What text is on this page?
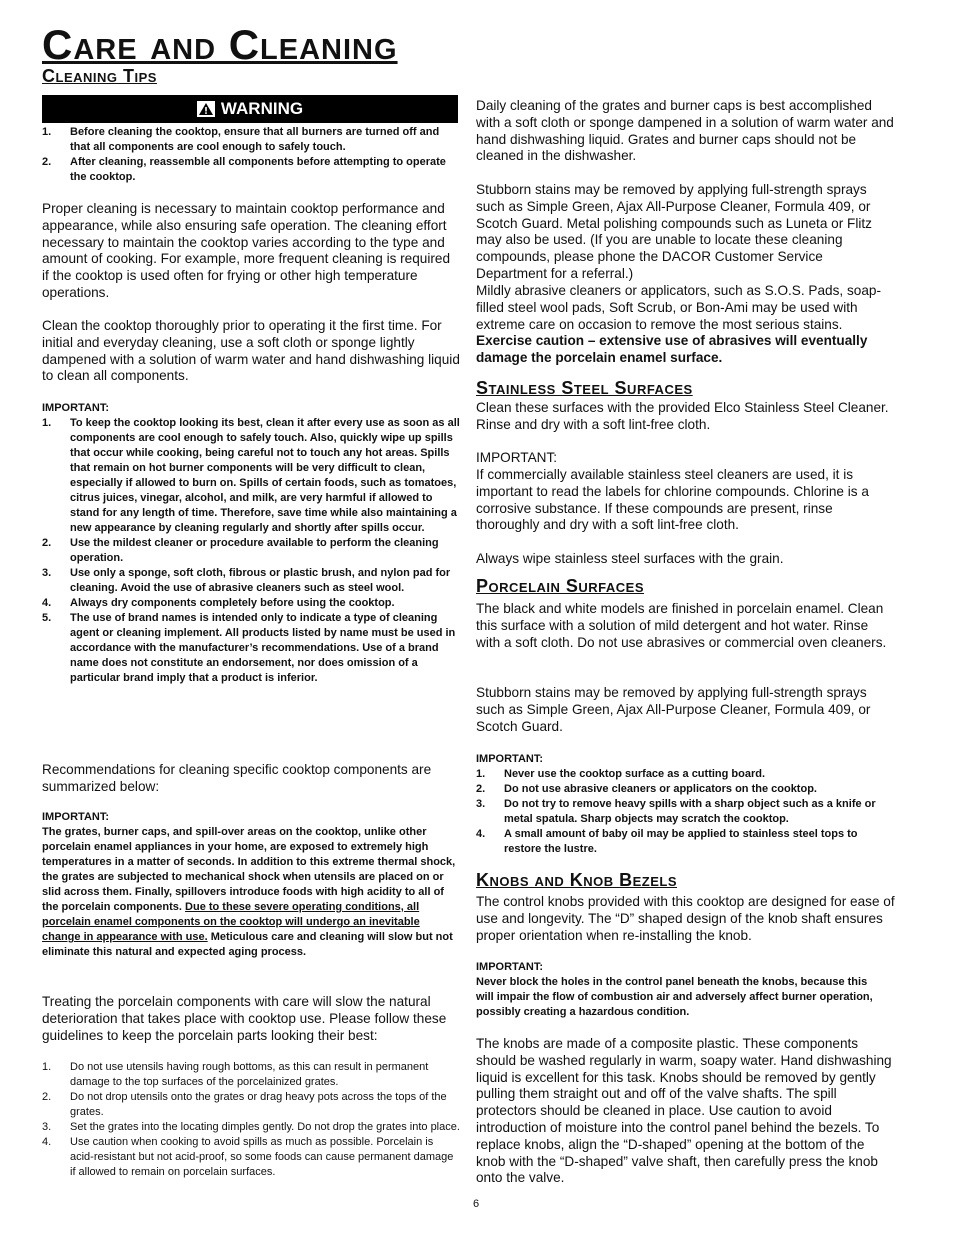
Care and Cleaning
Cleaning Tips
WARNING
1. Before cleaning the cooktop, ensure that all burners are turned off and that all components are cool enough to safely touch.
2. After cleaning, reassemble all components before attempting to operate the cooktop.

Proper cleaning is necessary to maintain cooktop performance and appearance, while also ensuring safe operation. The cleaning effort necessary to maintain the cooktop varies according to the type and amount of cooking. For example, more frequent cleaning is required if the cooktop is used often for frying or other high temperature operations.

Clean the cooktop thoroughly prior to operating it the first time. For initial and everyday cleaning, use a soft cloth or sponge lightly dampened with a solution of warm water and hand dishwashing liquid to clean all components.

IMPORTANT:
1. To keep the cooktop looking its best, clean it after every use as soon as all components are cool enough to safely touch. Also, quickly wipe up spills that occur while cooking, being careful not to touch any hot areas. Spills that remain on hot burner components will be very difficult to clean, especially if allowed to burn on. Spills of certain foods, such as tomatoes, citrus juices, vinegar, alcohol, and milk, are very harmful if allowed to stand for any length of time. Therefore, save time while also maintaining a new appearance by cleaning regularly and shortly after spills occur.
2. Use the mildest cleaner or procedure available to perform the cleaning operation.
3. Use only a sponge, soft cloth, fibrous or plastic brush, and nylon pad for cleaning. Avoid the use of abrasive cleaners such as steel wool.
4. Always dry components completely before using the cooktop.
5. The use of brand names is intended only to indicate a type of cleaning agent or cleaning implement. All products listed by name must be used in accordance with the manufacturer’s recommendations. Use of a brand name does not constitute an endorsement, nor does omission of a particular brand imply that a product is inferior.

Recommendations for cleaning specific cooktop components are summarized below:

IMPORTANT:
The grates, burner caps, and spill-over areas on the cooktop, unlike other porcelain enamel appliances in your home, are exposed to extremely high temperatures in a matter of seconds. In addition to this extreme thermal shock, the grates are subjected to mechanical shock when utensils are placed on or slid across them. Finally, spillovers introduce foods with high acidity to all of the porcelain components. Due to these severe operating conditions, all porcelain enamel components on the cooktop will undergo an inevitable change in appearance with use. Meticulous care and cleaning will slow but not eliminate this natural and expected aging process.

Treating the porcelain components with care will slow the natural deterioration that takes place with cooktop use. Please follow these guidelines to keep the porcelain parts looking their best:

1. Do not use utensils having rough bottoms, as this can result in permanent damage to the top surfaces of the porcelainized grates.
2. Do not drop utensils onto the grates or drag heavy pots across the tops of the grates.
3. Set the grates into the locating dimples gently. Do not drop the grates into place.
4. Use caution when cooking to avoid spills as much as possible. Porcelain is acid-resistant but not acid-proof, so some foods can cause permanent damage if allowed to remain on porcelain surfaces.

Daily cleaning of the grates and burner caps is best accomplished with a soft cloth or sponge dampened in a solution of warm water and hand dishwashing liquid. Grates and burner caps should not be cleaned in the dishwasher.

Stubborn stains may be removed by applying full-strength sprays such as Simple Green, Ajax All-Purpose Cleaner, Formula 409, or Scotch Guard. Metal polishing compounds such as Luneta or Flitz may also be used. (If you are unable to locate these cleaning compounds, please phone the DACOR Customer Service Department for a referral.)

Mildly abrasive cleaners or applicators, such as S.O.S. Pads, soap-filled steel wool pads, Soft Scrub, or Bon-Ami may be used with extreme care on occasion to remove the most serious stains. Exercise caution – extensive use of abrasives will eventually damage the porcelain enamel surface.

Stainless Steel Surfaces

Clean these surfaces with the provided Elco Stainless Steel Cleaner. Rinse and dry with a soft lint-free cloth.

IMPORTANT:

If commercially available stainless steel cleaners are used, it is important to read the labels for chlorine compounds. Chlorine is a corrosive substance. If these compounds are present, rinse thoroughly and dry with a soft lint-free cloth.

Always wipe stainless steel surfaces with the grain.

Porcelain Surfaces

The black and white models are finished in porcelain enamel. Clean this surface with a solution of mild detergent and hot water. Rinse with a soft cloth. Do not use abrasives or commercial oven cleaners.

Stubborn stains may be removed by applying full-strength sprays such as Simple Green, Ajax All-Purpose Cleaner, Formula 409, or Scotch Guard.

IMPORTANT:
1. Never use the cooktop surface as a cutting board.
2. Do not use abrasive cleaners or applicators on the cooktop.
3. Do not try to remove heavy spills with a sharp object such as a knife or metal spatula. Sharp objects may scratch the cooktop.
4. A small amount of baby oil may be applied to stainless steel tops to restore the lustre.
Knobs and Knob Bezels

The control knobs provided with this cooktop are designed for ease of use and longevity. The “D” shaped design of the knob shaft ensures proper orientation when re-installing the knob.

IMPORTANT:
Never block the holes in the control panel beneath the knobs, because this will impair the flow of combustion air and adversely affect burner operation, possibly creating a hazardous condition.

The knobs are made of a composite plastic. These components should be washed regularly in warm, soapy water. Hand dishwashing liquid is excellent for this task. Knobs should be removed by gently pulling them straight out and off of the valve shafts. The spill protectors should be cleaned in place. Use caution to avoid introduction of moisture into the control panel behind the bezels. To replace knobs, align the “D-shaped” opening at the bottom of the knob with the “D-shaped” valve shaft, then carefully press the knob onto the valve.

6
